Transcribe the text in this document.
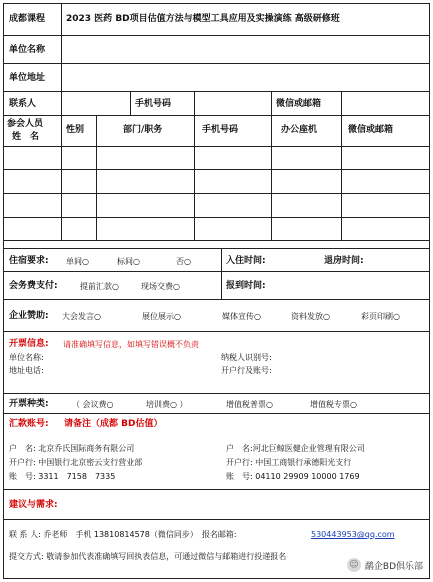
成都课程 2023 医药 BD项目估值方法与模型工具应用及实操演练 高级研修班
单位名称
单位地址
联系人	手机号码	微信或邮箱
参会人员
姓　名
性别	部门/职务	手机号码	办公座机	微信或邮箱
住宿要求: 单间○	标间○	否○	入住时间:	退房时间:
会务费支付:	提前汇款○	现场交费○	报到时间:
企业赞助: 大会发言○	展位展示○	媒体宣传○	资料发放○	彩页印刷○
开票信息: 请准确填写信息，如填写错误概不负责
单位名称:
地址电话:
纳税人识别号:
开户行及账号:
开票种类:	（ 会议费○	培训费○ ）	增值税普票○	增值税专票○
汇款账号: 请备注（成都 BD估值）
户　名: 北京乔氏国际商务有限公司
开户行: 中国银行北京密云支行营业部
账　号: 3311　7158　7335
户　名:河北巨鲸医健企业管理有限公司
开户行: 中国工商银行承德阳光支行
账　号: 04110 29909 10000 1769
建议与需求:
联 系 人: 乔老师　手机 13810814578（微信同步）　报名邮箱:	530443953@qq.com
提交方式: 敬请参加代表准确填写回执表信息，可通过微信与邮箱进行投递报名
☺ 鹬企BD俱乐部
